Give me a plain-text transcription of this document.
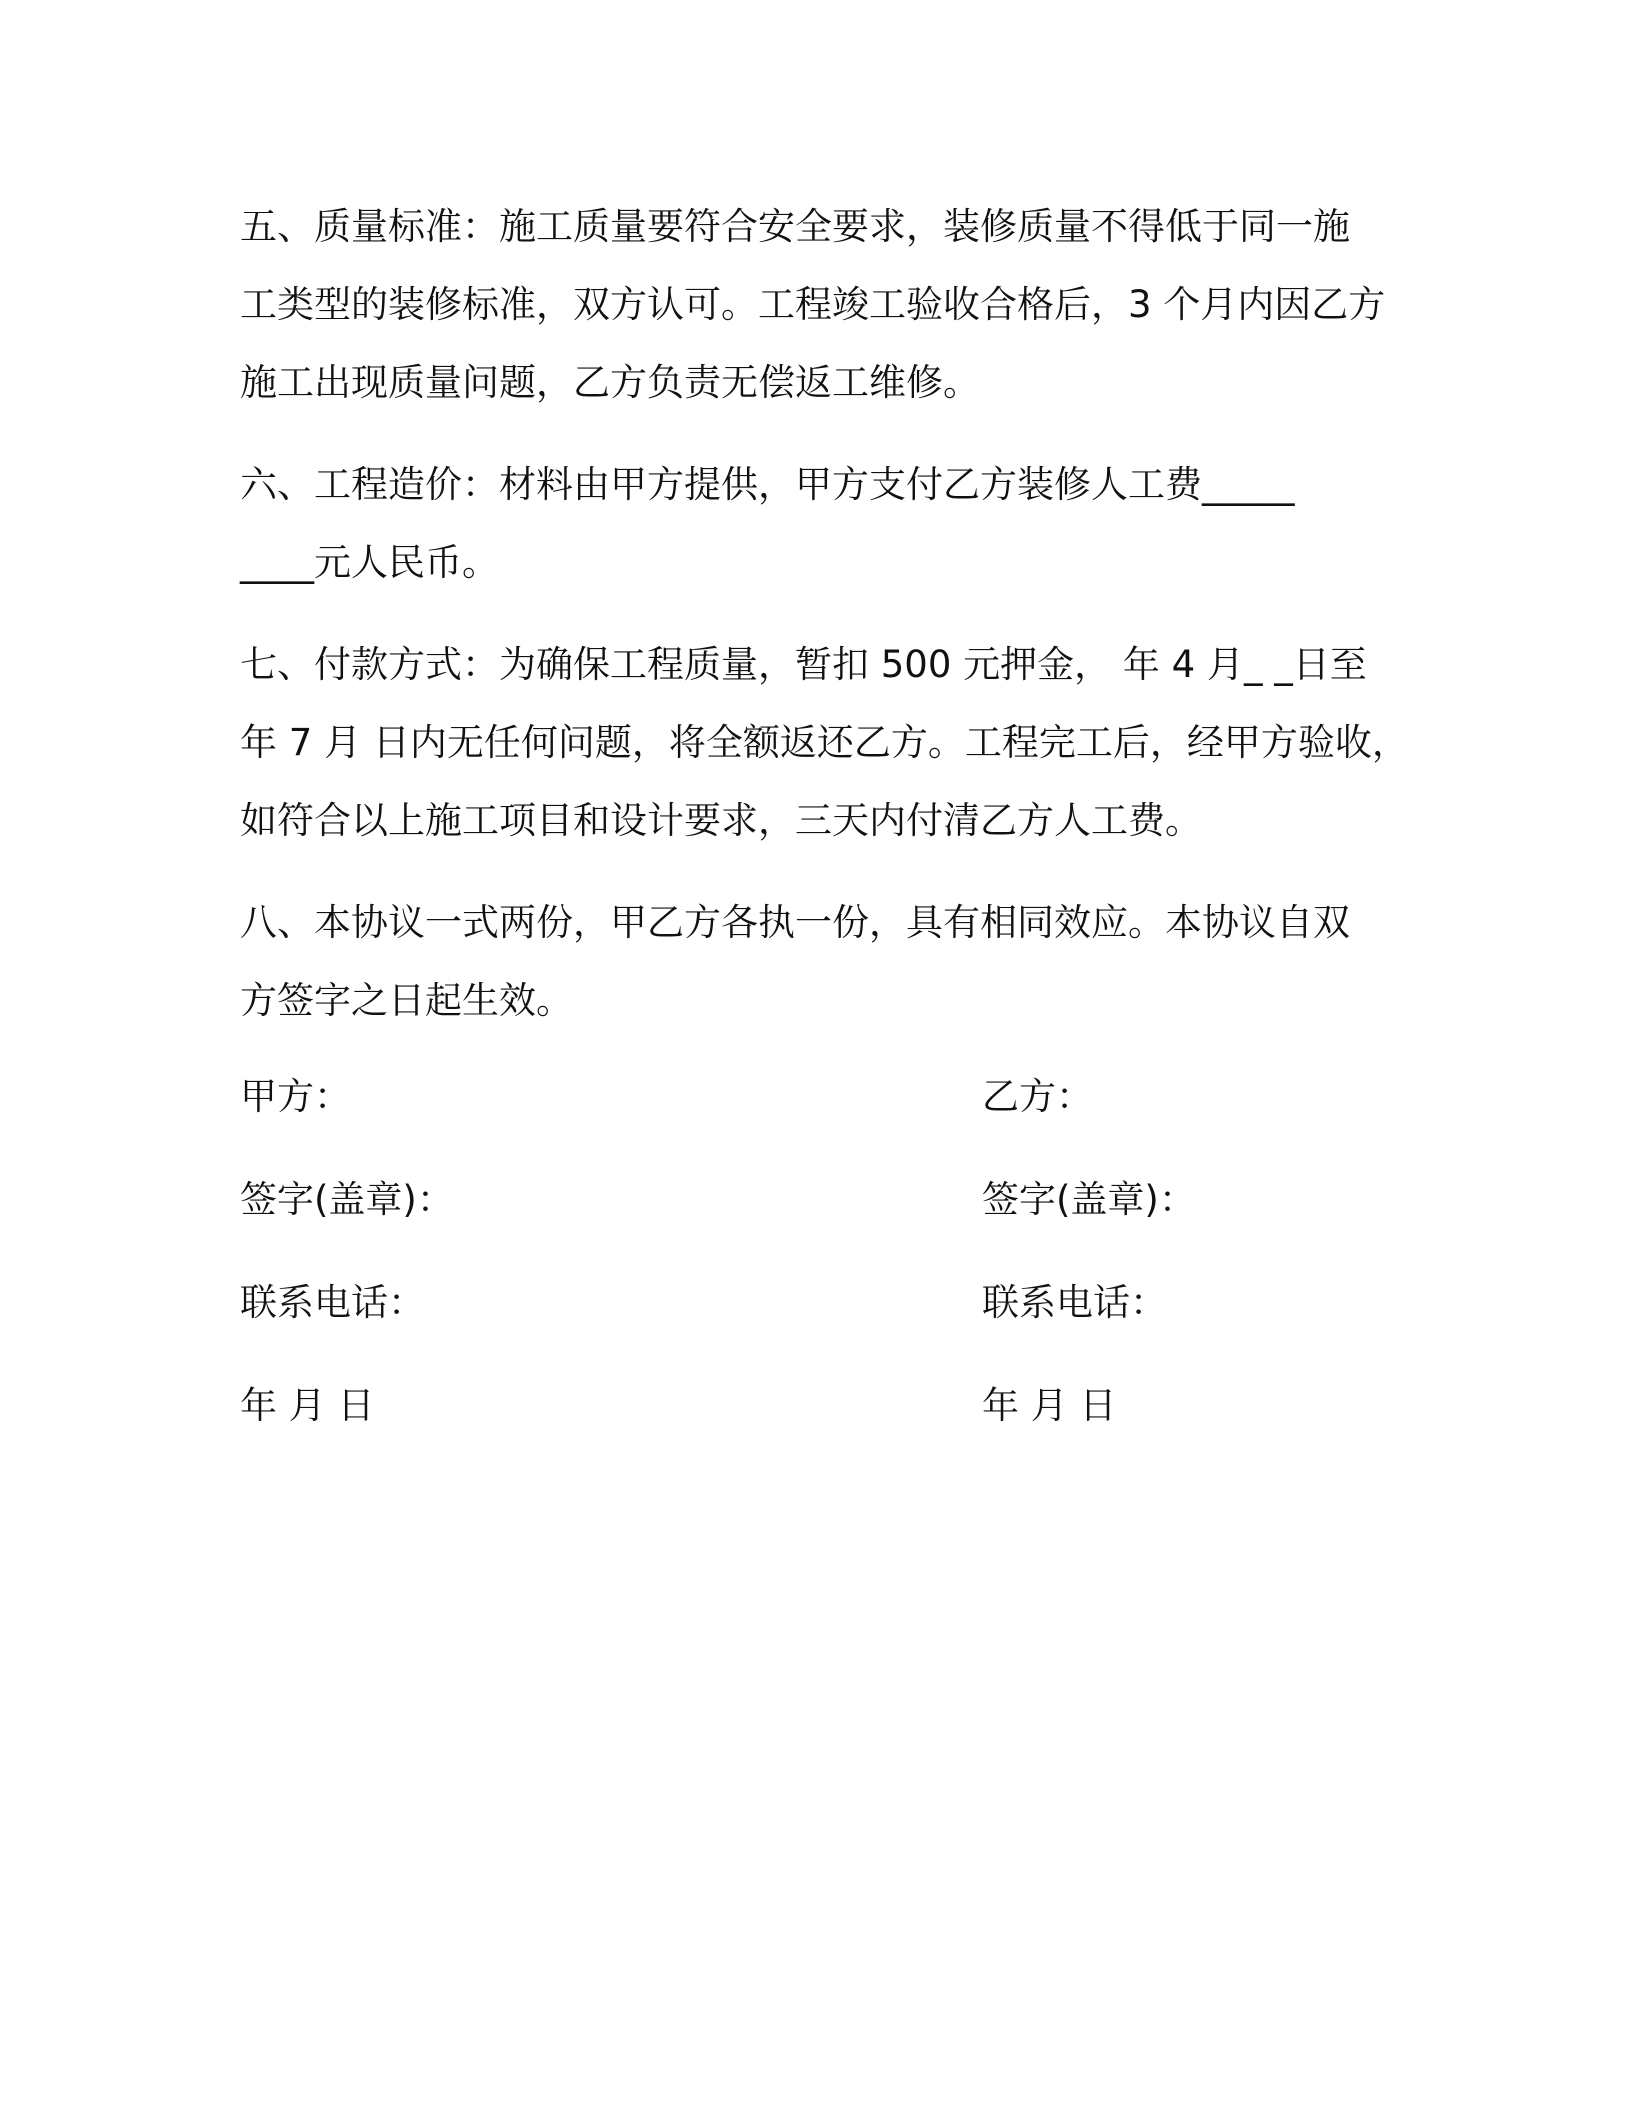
五、质量标准：施工质量要符合安全要求，装修质量不得低于同一施
工类型的装修标准，双方认可。工程竣工验收合格后，3 个月内因乙方
施工出现质量问题，乙方负责无偿返工维修。

六、工程造价：材料由甲方提供，甲方支付乙方装修人工费_____
____元人民币。

七、付款方式：为确保工程质量，暂扣 500 元押金， 年 4 月_ _日至
年 7 月 日内无任何问题，将全额返还乙方。工程完工后，经甲方验收，
如符合以上施工项目和设计要求，三天内付清乙方人工费。

八、本协议一式两份，甲乙方各执一份，具有相同效应。本协议自双
方签字之日起生效。

甲方：	乙方：
签字(盖章)：	签字(盖章)：
联系电话：	联系电话：
年 月 日	年 月 日
